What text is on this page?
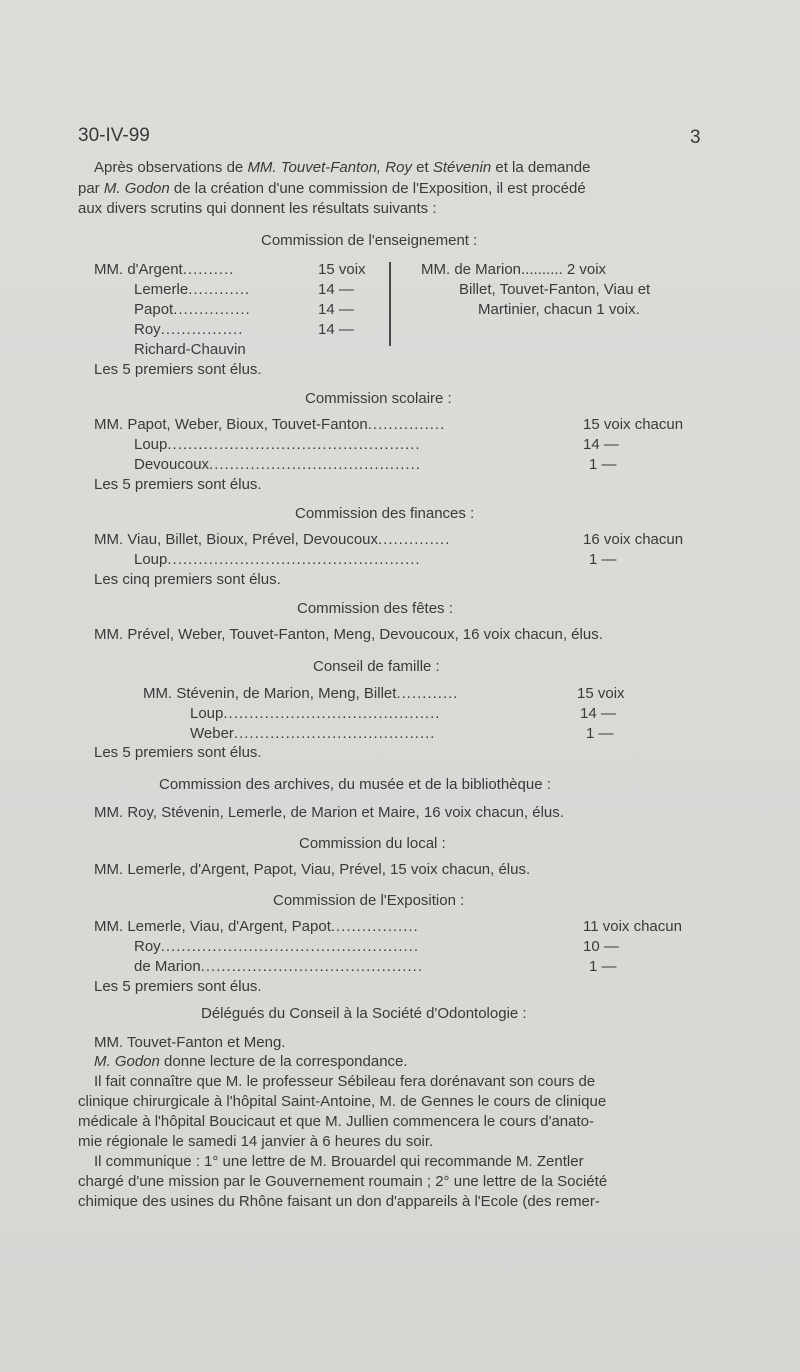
30-IV-99	3
Après observations de MM. Touvet-Fanton, Roy et Stévenin et la demande
par M. Godon de la création d'une commission de l'Exposition, il est procédé
aux divers scrutins qui donnent les résultats suivants :
Commission de l'enseignement :
MM. d'Argent..........	15 voix
Lemerle............	14 —
Papot...............	14 —
Roy................	14 —
Richard-Chauvin
MM. de Marion.......... 2 voix
Billet, Touvet-Fanton, Viau et
Martinier, chacun 1 voix.
Les 5 premiers sont élus.
Commission scolaire :
MM. Papot, Weber, Bioux, Touvet-Fanton...............	15 voix chacun
Loup.................................................	14 —
Devoucoux.........................................	1 —
Les 5 premiers sont élus.
Commission des finances :
MM. Viau, Billet, Bioux, Prével, Devoucoux..............	16 voix chacun
Loup.................................................	1 —
Les cinq premiers sont élus.
Commission des fêtes :
MM. Prével, Weber, Touvet-Fanton, Meng, Devoucoux, 16 voix chacun, élus.
Conseil de famille :
MM. Stévenin, de Marion, Meng, Billet............	15 voix
Loup..........................................	14 —
Weber.......................................	1 —
Les 5 premiers sont élus.
Commission des archives, du musée et de la bibliothèque :
MM. Roy, Stévenin, Lemerle, de Marion et Maire, 16 voix chacun, élus.
Commission du local :
MM. Lemerle, d'Argent, Papot, Viau, Prével, 15 voix chacun, élus.
Commission de l'Exposition :
MM. Lemerle, Viau, d'Argent, Papot.................	11 voix chacun
Roy..................................................	10 —
de Marion...........................................	1 —
Les 5 premiers sont élus.
Délégués du Conseil à la Société d'Odontologie :
MM. Touvet-Fanton et Meng.
M. Godon donne lecture de la correspondance.
Il fait connaître que M. le professeur Sébileau fera dorénavant son cours de
clinique chirurgicale à l'hôpital Saint-Antoine, M. de Gennes le cours de clinique
médicale à l'hôpital Boucicaut et que M. Jullien commencera le cours d'anato-
mie régionale le samedi 14 janvier à 6 heures du soir.
Il communique : 1° une lettre de M. Brouardel qui recommande M. Zentler
chargé d'une mission par le Gouvernement roumain ; 2° une lettre de la Société
chimique des usines du Rhône faisant un don d'appareils à l'Ecole (des remer-
